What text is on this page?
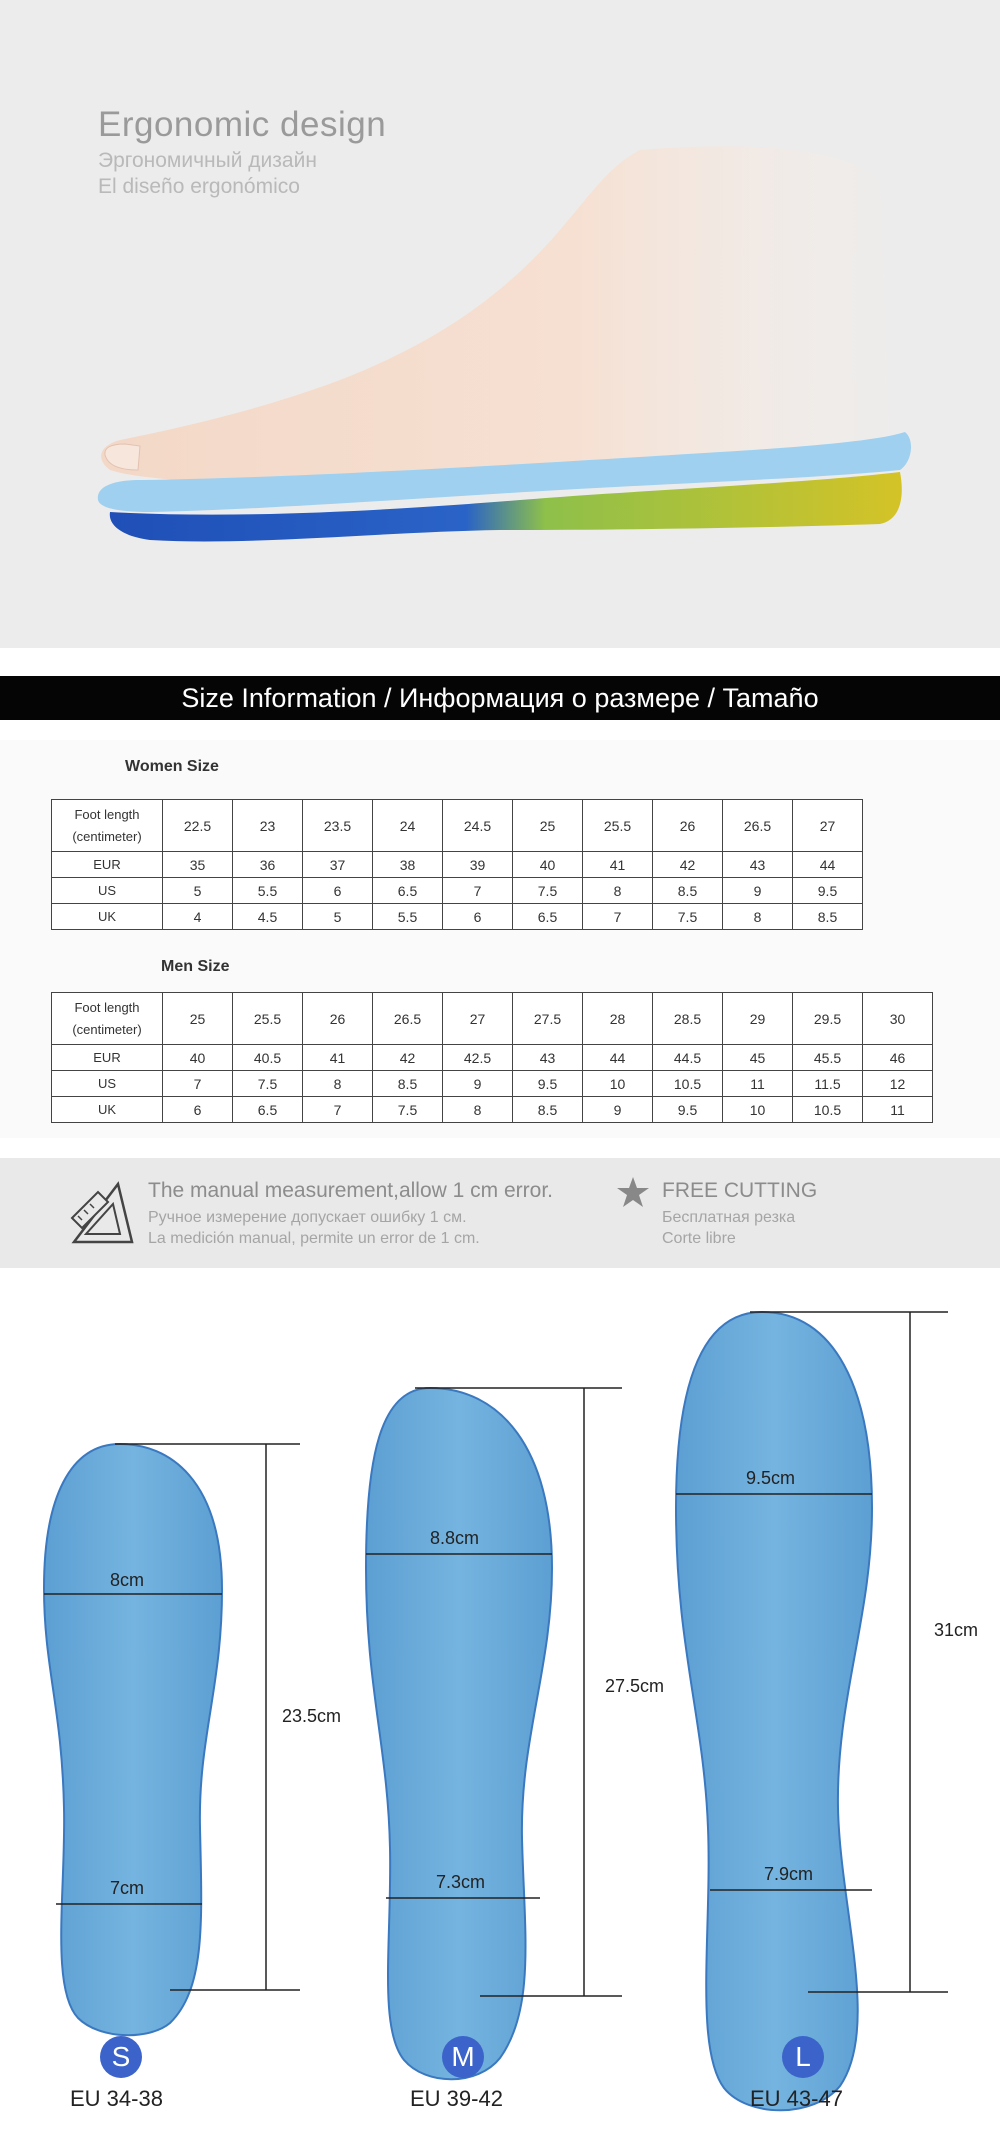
Ergonomic design
Эргономичный дизайн
El diseño ergonómico
Size Information / Информация о размере / Tamaño
Women Size
Foot length
(centimeter)	22.5	23	23.5	24	24.5	25	25.5	26	26.5	27
EUR	35	36	37	38	39	40	41	42	43	44
US	5	5.5	6	6.5	7	7.5	8	8.5	9	9.5
UK	4	4.5	5	5.5	6	6.5	7	7.5	8	8.5
Men Size
Foot length
(centimeter)	25	25.5	26	26.5	27	27.5	28	28.5	29	29.5	30
EUR	40	40.5	41	42	42.5	43	44	44.5	45	45.5	46
US	7	7.5	8	8.5	9	9.5	10	10.5	11	11.5	12
UK	6	6.5	7	7.5	8	8.5	9	9.5	10	10.5	11
The manual measurement,allow 1 cm error.
Ручное измерение допускает ошибку 1 см.
La medición manual, permite un error de 1 cm.
FREE CUTTING
Бесплатная резка
Corte libre
8cm
7cm
23.5cm
8.8cm
7.3cm
27.5cm
9.5cm
7.9cm
31cm
S	M	L
EU 34-38	EU 39-42	EU 43-47
